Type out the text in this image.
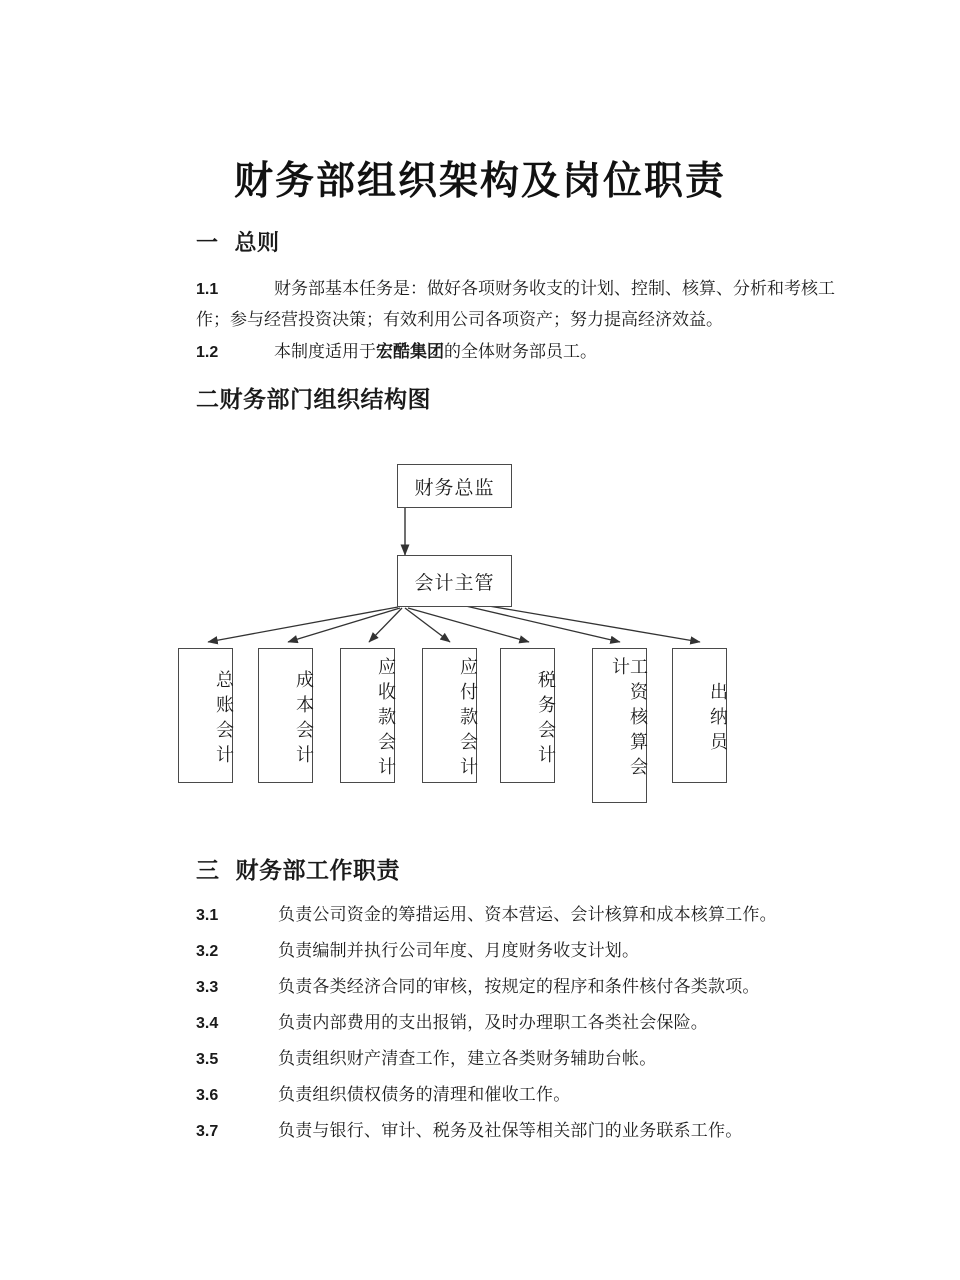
财务部组织架构及岗位职责
一 总则
1.1	财务部基本任务是：做好各项财务收支的计划、控制、核算、分析和考核工作；参与经营投资决策；有效利用公司各项资产；努力提高经济效益。
1.2	本制度适用于宏酷集团的全体财务部员工。
二财务部门组织结构图
财务总监
会计主管
总账会计	成本会计	应收款会计	应付款会计	税务会计	工资核算会计
出纳员
三 财务部工作职责
3.1	负责公司资金的筹措运用、资本营运、会计核算和成本核算工作。
3.2	负责编制并执行公司年度、月度财务收支计划。
3.3	负责各类经济合同的审核，按规定的程序和条件核付各类款项。
3.4	负责内部费用的支出报销，及时办理职工各类社会保险。
3.5	负责组织财产清查工作，建立各类财务辅助台帐。
3.6	负责组织债权债务的清理和催收工作。
3.7	负责与银行、审计、税务及社保等相关部门的业务联系工作。
